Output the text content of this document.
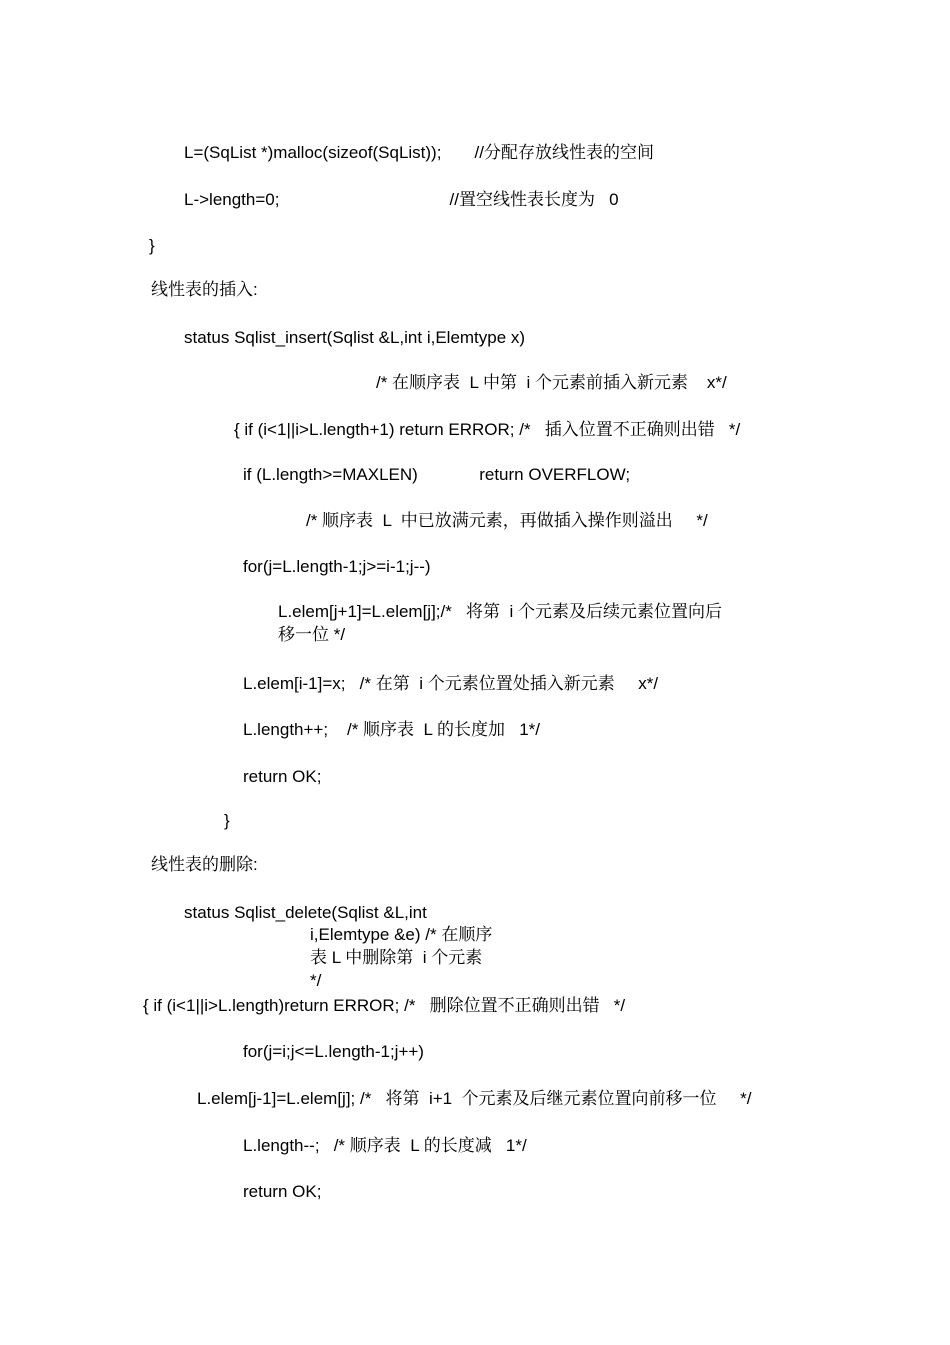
L=(SqList *)malloc(sizeof(SqList));       //分配存放线性表的空间
L->length=0;                                    //置空线性表长度为   0
}
线性表的插入:
status Sqlist_insert(Sqlist &L,int i,Elemtype x)
/* 在顺序表  L 中第  i 个元素前插入新元素    x*/
{ if (i<1||i>L.length+1) return ERROR; /*   插入位置不正确则出错   */
if (L.length>=MAXLEN)             return OVERFLOW;
/* 顺序表  L  中已放满元素，再做插入操作则溢出     */
for(j=L.length-1;j>=i-1;j--)
L.elem[j+1]=L.elem[j];/*   将第  i 个元素及后续元素位置向后
移一位 */
L.elem[i-1]=x;   /* 在第  i 个元素位置处插入新元素     x*/
L.length++;    /* 顺序表  L 的长度加   1*/
return OK;
}
线性表的删除:
status Sqlist_delete(Sqlist &L,int
i,Elemtype &e) /* 在顺序
表 L 中删除第  i 个元素
*/
{ if (i<1||i>L.length)return ERROR; /*   删除位置不正确则出错   */
for(j=i;j<=L.length-1;j++)
L.elem[j-1]=L.elem[j]; /*   将第  i+1  个元素及后继元素位置向前移一位     */
L.length--;   /* 顺序表  L 的长度减   1*/
return OK;
